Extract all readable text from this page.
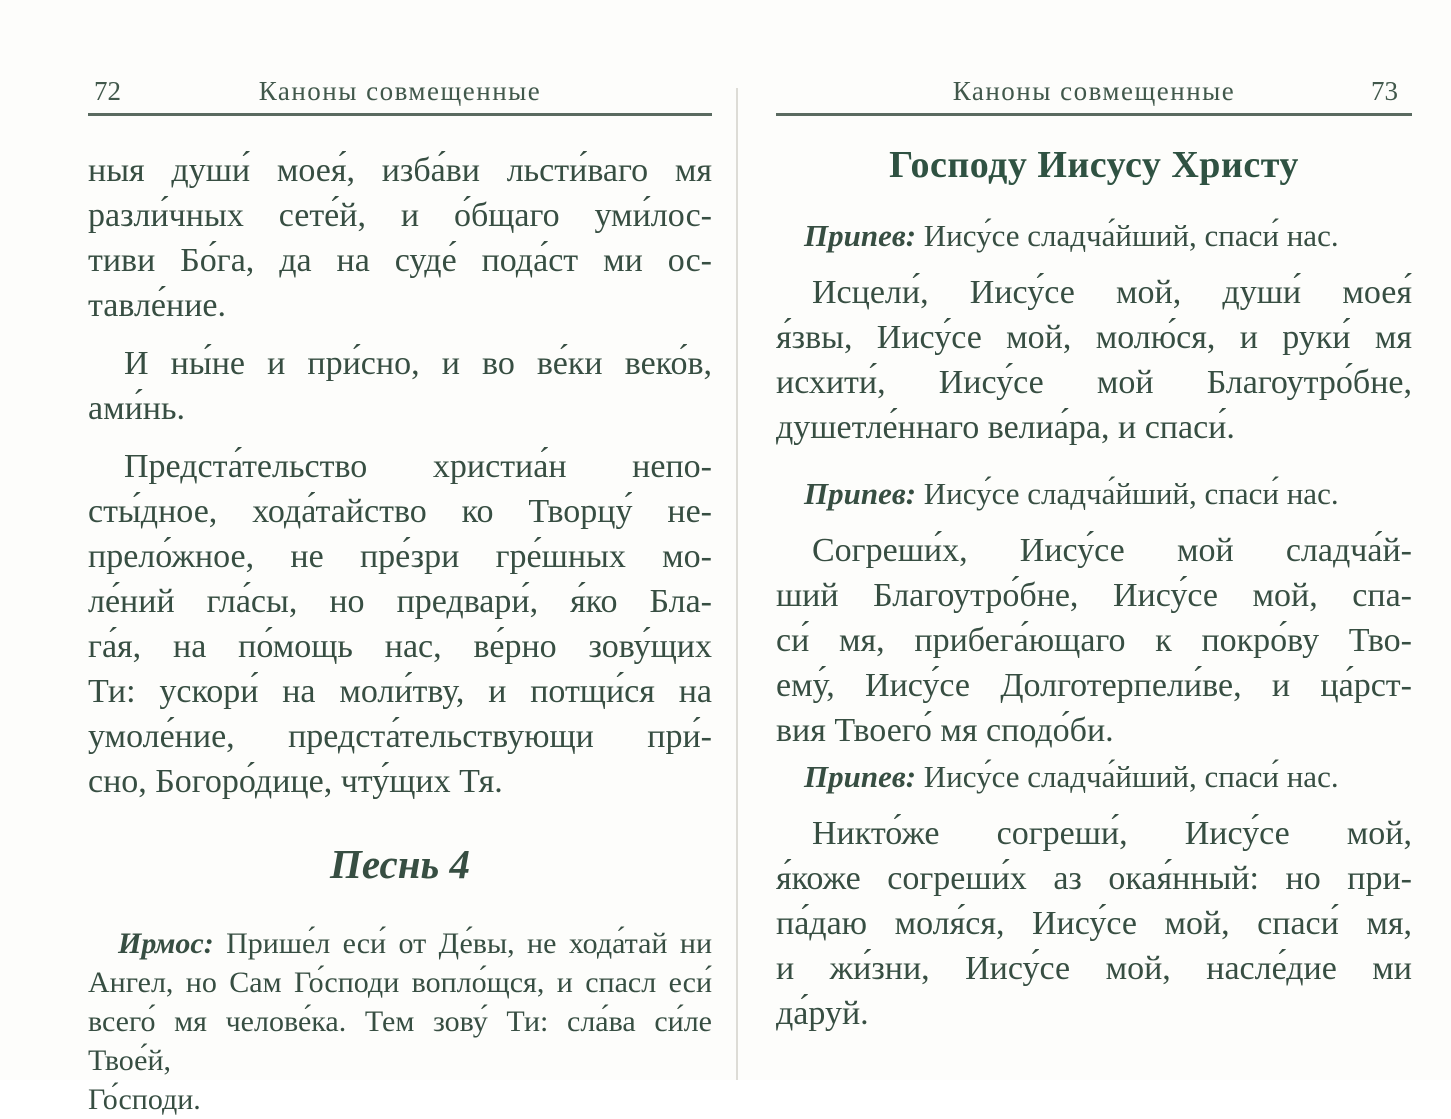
72	Каноны совмещенные

ныя души́ моея́, изба́ви льсти́ваго мя
разли́чных сете́й, и о́бщаго уми́лос-
тиви Бо́га, да на суде́ пода́ст ми ос-
тавле́ние.

И ны́не и при́сно, и во ве́ки веко́в,
ами́нь.

Предста́тельство христиа́н непо-
сты́дное, хода́тайство ко Творцу́ не-
прело́жное, не пре́зри гре́шных мо-
ле́ний гла́сы, но предвари́, я́ко Бла-
га́я, на по́мощь нас, ве́рно зову́щих
Ти: ускори́ на моли́тву, и потщи́ся на
умоле́ние, предста́тельствующи при́-
сно, Богоро́дице, чту́щих Тя.

Песнь 4
Ирмос: Прише́л еси́ от Де́вы, не хода́тай ни
Ангел, но Сам Го́споди вопло́щся, и спасл еси́
всего́ мя челове́ка. Тем зову́ Ти: сла́ва си́ле Твое́й,
Го́споди.
Каноны совмещенные	73
Господу Иисусу Христу
Припев: Иису́се сладча́йший, спаси́ нас.

Исцели́, Иису́се мой, души́ моея́
я́звы, Иису́се мой, молю́ся, и руки́ мя
исхити́, Иису́се мой Благоутро́бне,
душетле́ннаго велиа́ра, и спаси́.

Припев: Иису́се сладча́йший, спаси́ нас.

Согреши́х, Иису́се мой сладча́й-
ший Благоутро́бне, Иису́се мой, спа-
си́ мя, прибега́ющаго к покро́ву Тво-
ему́, Иису́се Долготерпели́ве, и ца́рст-
вия Твоего́ мя сподо́би.

Припев: Иису́се сладча́йший, спаси́ нас.

Никто́же согреши́, Иису́се мой,
я́коже согреши́х аз окая́нный: но при-
па́даю моля́ся, Иису́се мой, спаси́ мя,
и жи́зни, Иису́се мой, насле́дие ми
да́руй.
